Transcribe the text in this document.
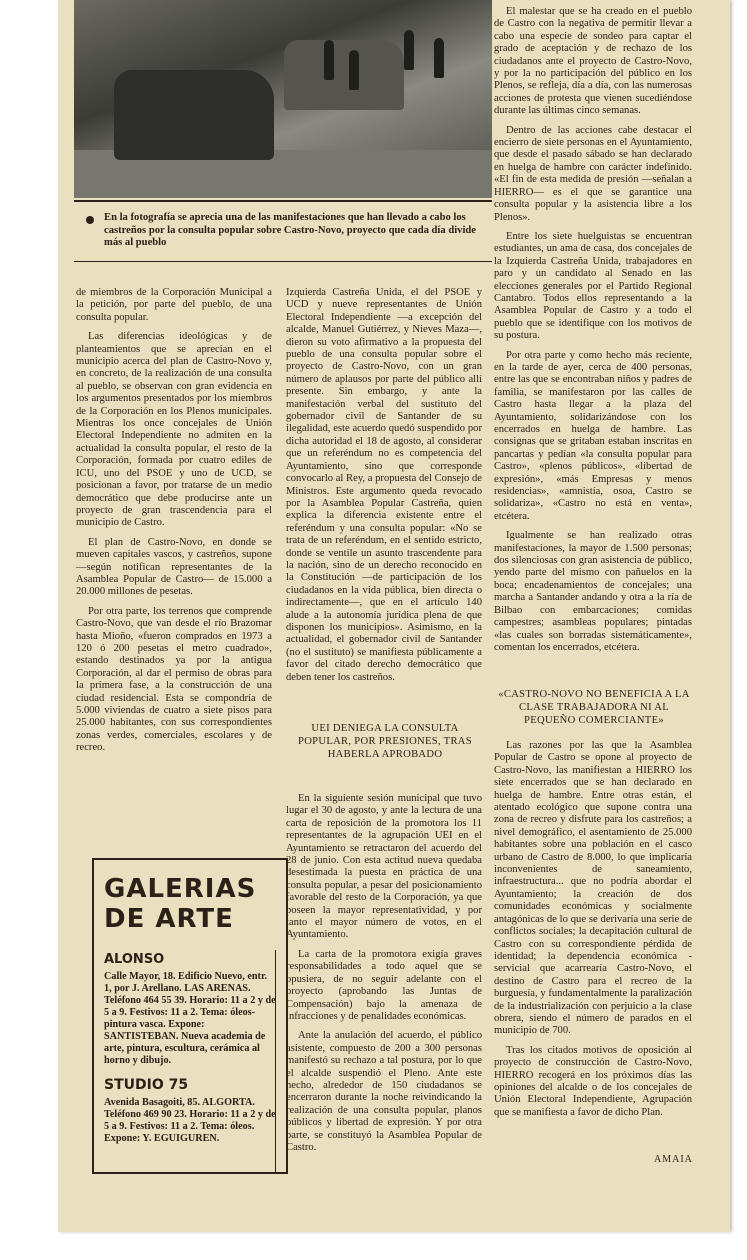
En la fotografía se aprecia una de las manifestaciones que han llevado a cabo los castreños por la consulta popular sobre Castro-Novo, proyecto que cada día divide más al pueblo

de miembros de la Corporación Municipal a la petición, por parte del pueblo, de una consulta popular.

Las diferencias ideológicas y de planteamientos que se aprecian en el municipio acerca del plan de Castro-Novo y, en concreto, de la realización de una consulta al pueblo, se observan con gran evidencia en los argumentos presentados por los miembros de la Corporación en los Plenos municipales. Mientras los once concejales de Unión Electoral Independiente no admiten en la actualidad la consulta popular, el resto de la Corporación, formada por cuatro ediles de ICU, uno del PSOE y uno de UCD, se posicionan a favor, por tratarse de un medio democrático que debe producirse ante un proyecto de gran trascendencia para el municipio de Castro.

El plan de Castro-Novo, en donde se mueven capitales vascos, y castreños, supone —según notifican representantes de la Asamblea Popular de Castro— de 15.000 a 20.000 millones de pesetas.

Por otra parte, los terrenos que comprende Castro-Novo, que van desde el río Brazomar hasta Mioño, «fueron comprados en 1973 a 120 ó 200 pesetas el metro cuadrado», estando destinados ya por la antigua Corporación, al dar el permiso de obras para la primera fase, a la construcción de una ciudad residencial. Esta se compondría de 5.000 viviendas de cuatro a siete pisos para 25.000 habitantes, con sus correspondientes zonas verdes, comerciales, escolares y de recreo.

Izquierda Castreña Unida, el del PSOE y UCD y nueve representantes de Unión Electoral Independiente —a excepción del alcalde, Manuel Gutiérrez, y Nieves Maza—, dieron su voto afirmativo a la propuesta del pueblo de una consulta popular sobre el proyecto de Castro-Novo, con un gran número de aplausos por parte del público allí presente. Sin embargo, y ante la manifestación verbal del sustituto del gobernador civil de Santander de su ilegalidad, este acuerdo quedó suspendido por dicha autoridad el 18 de agosto, al considerar que un referéndum no es competencia del Ayuntamiento, sino que corresponde convocarlo al Rey, a propuesta del Consejo de Ministros. Este argumento queda revocado por la Asamblea Popular Castreña, quien explica la diferencia existente entre el referéndum y una consulta popular: «No se trata de un referéndum, en el sentido estricto, donde se ventile un asunto trascendente para la nación, sino de un derecho reconocido en la Constitución —de participación de los ciudadanos en la vida pública, bien directa o indirectamente—, que en el artículo 140 alude a la autonomía jurídica plena de que disponen los municipios». Asimismo, en la actualidad, el gobernador civil de Santander (no el sustituto) se manifiesta públicamente a favor del citado derecho democrático que deben tener los castreños.

UEI DENIEGA LA CONSULTA POPULAR, POR PRESIONES, TRAS HABERLA APROBADO

En la siguiente sesión municipal que tuvo lugar el 30 de agosto, y ante la lectura de una carta de reposición de la promotora los 11 representantes de la agrupación UEI en el Ayuntamiento se retractaron del acuerdo del 28 de junio. Con esta actitud nueva quedaba desestimada la puesta en práctica de una consulta popular, a pesar del posicionamiento favorable del resto de la Corporación, ya que poseen la mayor representatividad, y por tanto el mayor número de votos, en el Ayuntamiento.

La carta de la promotora exigía graves responsabilidades a todo aquel que se opusiera, de no seguir adelante con el proyecto (aprobando las Juntas de Compensación) bajo la amenaza de infracciones y de penalidades económicas.

Ante la anulación del acuerdo, el público asistente, compuesto de 200 a 300 personas manifestó su rechazo a tal postura, por lo que el alcalde suspendió el Pleno. Ante este hecho, alrededor de 150 ciudadanos se encerraron durante la noche reivindicando la realización de una consulta popular, planos públicos y libertad de expresión. Y por otra parte, se constituyó la Asamblea Popular de Castro.

El malestar que se ha creado en el pueblo de Castro con la negativa de permitir llevar a cabo una especie de sondeo para captar el grado de aceptación y de rechazo de los ciudadanos ante el proyecto de Castro-Novo, y por la no participación del público en los Plenos, se refleja, día a día, con las numerosas acciones de protesta que vienen sucediéndose durante las últimas cinco semanas.

Dentro de las acciones cabe destacar el encierro de siete personas en el Ayuntamiento, que desde el pasado sábado se han declarado en huelga de hambre con carácter indefinido. «El fin de esta medida de presión —señalan a HIERRO— es el que se garantice una consulta popular y la asistencia libre a los Plenos».

Entre los siete huelguistas se encuentran estudiantes, un ama de casa, dos concejales de la Izquierda Castreña Unida, trabajadores en paro y un candidato al Senado en las elecciones generales por el Partido Regional Cantabro. Todos ellos representando a la Asamblea Popular de Castro y a todo el pueblo que se identifique con los motivos de su postura.

Por otra parte y como hecho más reciente, en la tarde de ayer, cerca de 400 personas, entre las que se encontraban niños y padres de familia, se manifestaron por las calles de Castro hasta llegar a la plaza del Ayuntamiento, solidarizándose con los encerrados en huelga de hambre. Las consignas que se gritaban estaban inscritas en pancartas y pedían «la consulta popular para Castro», «plenos públicos», «libertad de expresión», «más Empresas y menos residencias», «amnistía, osoa, Castro se solidariza», «Castro no está en venta», etcétera.

Igualmente se han realizado otras manifestaciones, la mayor de 1.500 personas; dos silenciosas con gran asistencia de público, yendo parte del mismo con pañuelos en la boca; encadenamientos de concejales; una marcha a Santander andando y otra a la ría de Bilbao con embarcaciones; comidas campestres; asambleas populares; pintadas «las cuales son borradas sistemáticamente», comentan los encerrados, etcétera.

«CASTRO-NOVO NO BENEFICIA A LA CLASE TRABAJADORA NI AL PEQUEÑO COMERCIANTE»

Las razones por las que la Asamblea Popular de Castro se opone al proyecto de Castro-Novo, las manifiestan a HIERRO los siete encerrados que se han declarado en huelga de hambre. Entre otras están, el atentado ecológico que supone contra una zona de recreo y disfrute para los castreños; a nivel demográfico, el asentamiento de 25.000 habitantes sobre una población en el casco urbano de Castro de 8.000, lo que implicaría inconvenientes de saneamiento, infraestructura... que no podría abordar el Ayuntamiento; la creación de dos comunidades económicas y socialmente antagónicas de lo que se derivaría una serie de conflictos sociales; la decapitación cultural de Castro con su correspondiente pérdida de identidad; la dependencia económica - servicial que acarrearía Castro-Novo, el destino de Castro para el recreo de la burguesía, y fundamentalmente la paralización de la industrialización con perjuicio a la clase obrera, siendo el número de parados en el municipio de 700.

Tras los citados motivos de oposición al proyecto de construcción de Castro-Novo, HIERRO recogerá en los próximos días las opiniones del alcalde o de los concejales de Unión Electoral Independiente, Agrupación que se manifiesta a favor de dicho Plan.

AMAIA
GALERIAS DE ARTE
ALONSO
Calle Mayor, 18. Edificio Nuevo, entr. 1, por J. Arellano. LAS ARENAS. Teléfono 464 55 39. Horario: 11 a 2 y de 5 a 9. Festivos: 11 a 2. Tema: óleos-pintura vasca. Expone: SANTISTEBAN. Nueva academia de arte, pintura, escultura, cerámica al horno y dibujo.
STUDIO 75
Avenida Basagoiti, 85. ALGORTA. Teléfono 469 90 23. Horario: 11 a 2 y de 5 a 9. Festivos: 11 a 2. Tema: óleos. Expone: Y. EGUIGUREN.
